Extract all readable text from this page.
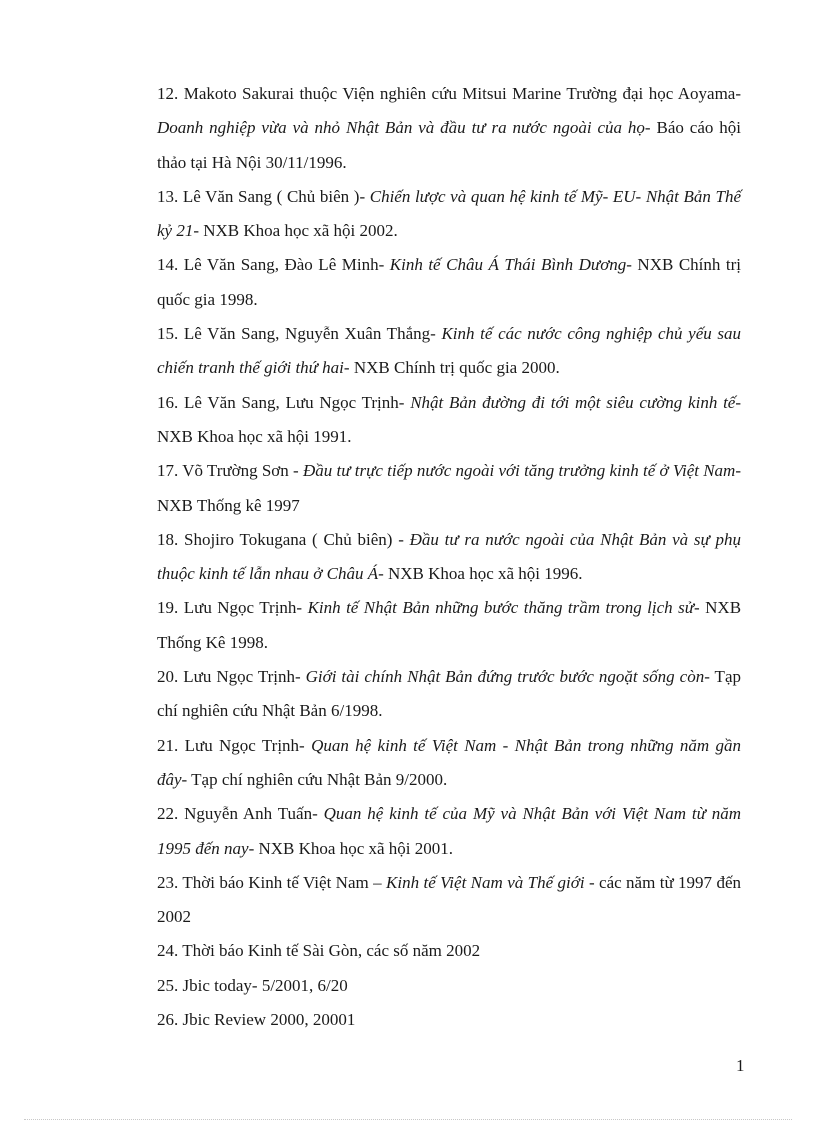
12. Makoto Sakurai thuộc Viện nghiên cứu Mitsui Marine Trường đại học Aoyama- Doanh nghiệp vừa và nhỏ Nhật Bản và đầu tư ra nước ngoài của họ- Báo cáo hội thảo tại Hà Nội 30/11/1996.

13. Lê Văn Sang ( Chủ biên )- Chiến lược và quan hệ kinh tế Mỹ- EU- Nhật Bản Thế kỷ 21- NXB Khoa học xã hội 2002.

14. Lê Văn Sang, Đào Lê Minh- Kinh tế Châu Á Thái Bình Dương- NXB Chính trị quốc gia 1998.

15. Lê Văn Sang, Nguyễn Xuân Thắng- Kinh tế các nước công nghiệp chủ yếu sau chiến tranh thế giới thứ hai- NXB Chính trị quốc gia 2000.

16. Lê Văn Sang, Lưu Ngọc Trịnh- Nhật Bản đường đi tới một siêu cường kinh tế- NXB Khoa học xã hội 1991.

17. Võ Trường Sơn - Đầu tư trực tiếp nước ngoài với tăng trưởng kinh tế ở Việt Nam- NXB Thống kê 1997

18. Shojiro Tokugana ( Chủ biên) - Đầu tư ra nước ngoài của Nhật Bản và sự phụ thuộc kinh tế lẫn nhau ở Châu Á- NXB Khoa học xã hội 1996.

19. Lưu Ngọc Trịnh- Kinh tế Nhật Bản những bước thăng trầm trong lịch sử- NXB Thống Kê 1998.

20. Lưu Ngọc Trịnh- Giới tài chính Nhật Bản đứng trước bước ngoặt sống còn- Tạp chí nghiên cứu Nhật Bản 6/1998.

21. Lưu Ngọc Trịnh- Quan hệ kinh tế Việt Nam - Nhật Bản trong những năm gần đây- Tạp chí nghiên cứu Nhật Bản 9/2000.

22. Nguyễn Anh Tuấn- Quan hệ kinh tế của Mỹ và Nhật Bản với Việt Nam từ năm 1995 đến nay- NXB Khoa học xã hội 2001.

23. Thời báo Kinh tế Việt Nam – Kinh tế Việt Nam và Thế giới - các năm từ 1997 đến 2002

24. Thời báo Kinh tế Sài Gòn, các số năm 2002

25. Jbic today- 5/2001, 6/20

26. Jbic Review 2000, 20001

1
